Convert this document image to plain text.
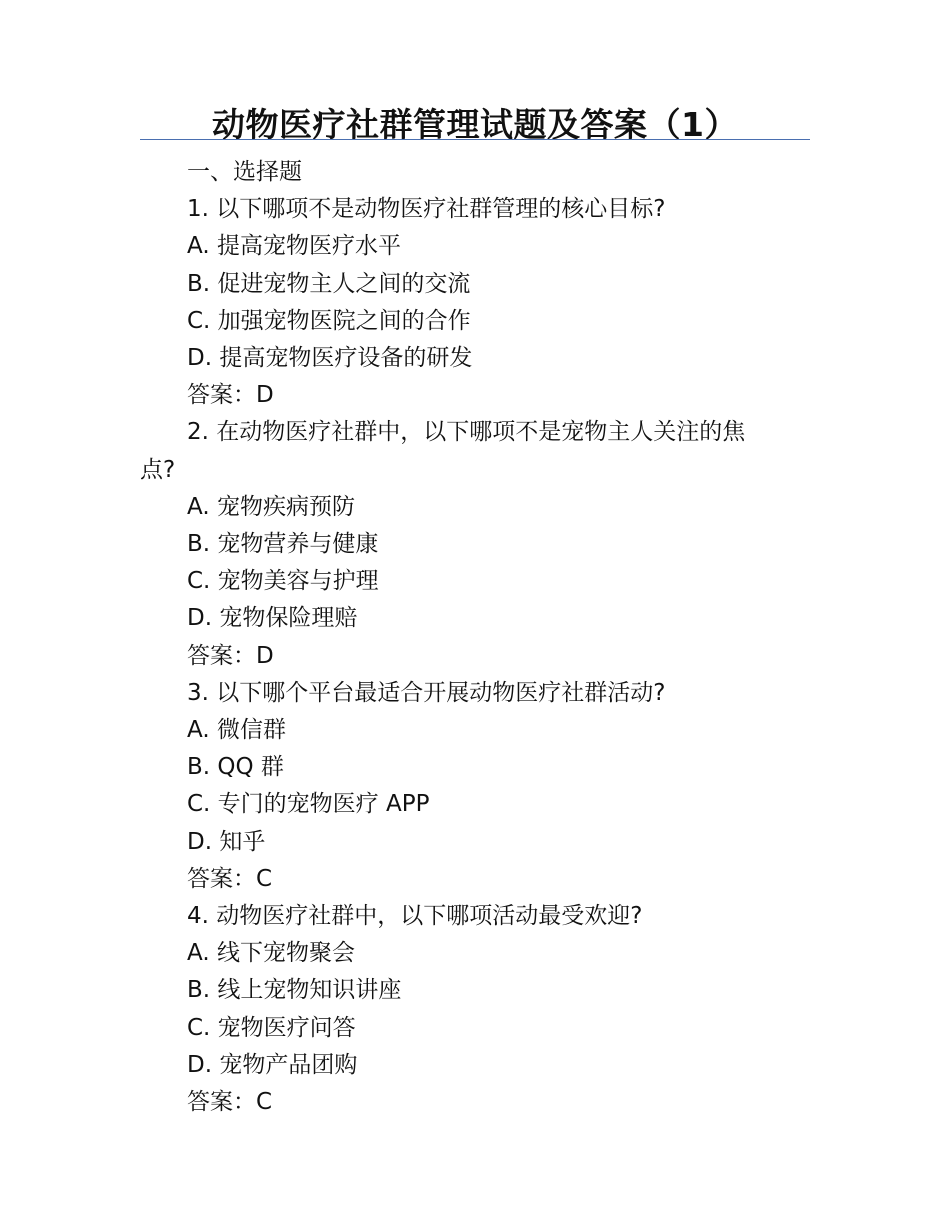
动物医疗社群管理试题及答案（1）
一、选择题
1. 以下哪项不是动物医疗社群管理的核心目标?
A. 提高宠物医疗水平
B. 促进宠物主人之间的交流
C. 加强宠物医院之间的合作
D. 提高宠物医疗设备的研发
答案：D
2. 在动物医疗社群中，以下哪项不是宠物主人关注的焦
点?
A. 宠物疾病预防
B. 宠物营养与健康
C. 宠物美容与护理
D. 宠物保险理赔
答案：D
3. 以下哪个平台最适合开展动物医疗社群活动?
A. 微信群
B. QQ 群
C. 专门的宠物医疗 APP
D. 知乎
答案：C
4. 动物医疗社群中，以下哪项活动最受欢迎?
A. 线下宠物聚会
B. 线上宠物知识讲座
C. 宠物医疗问答
D. 宠物产品团购
答案：C
